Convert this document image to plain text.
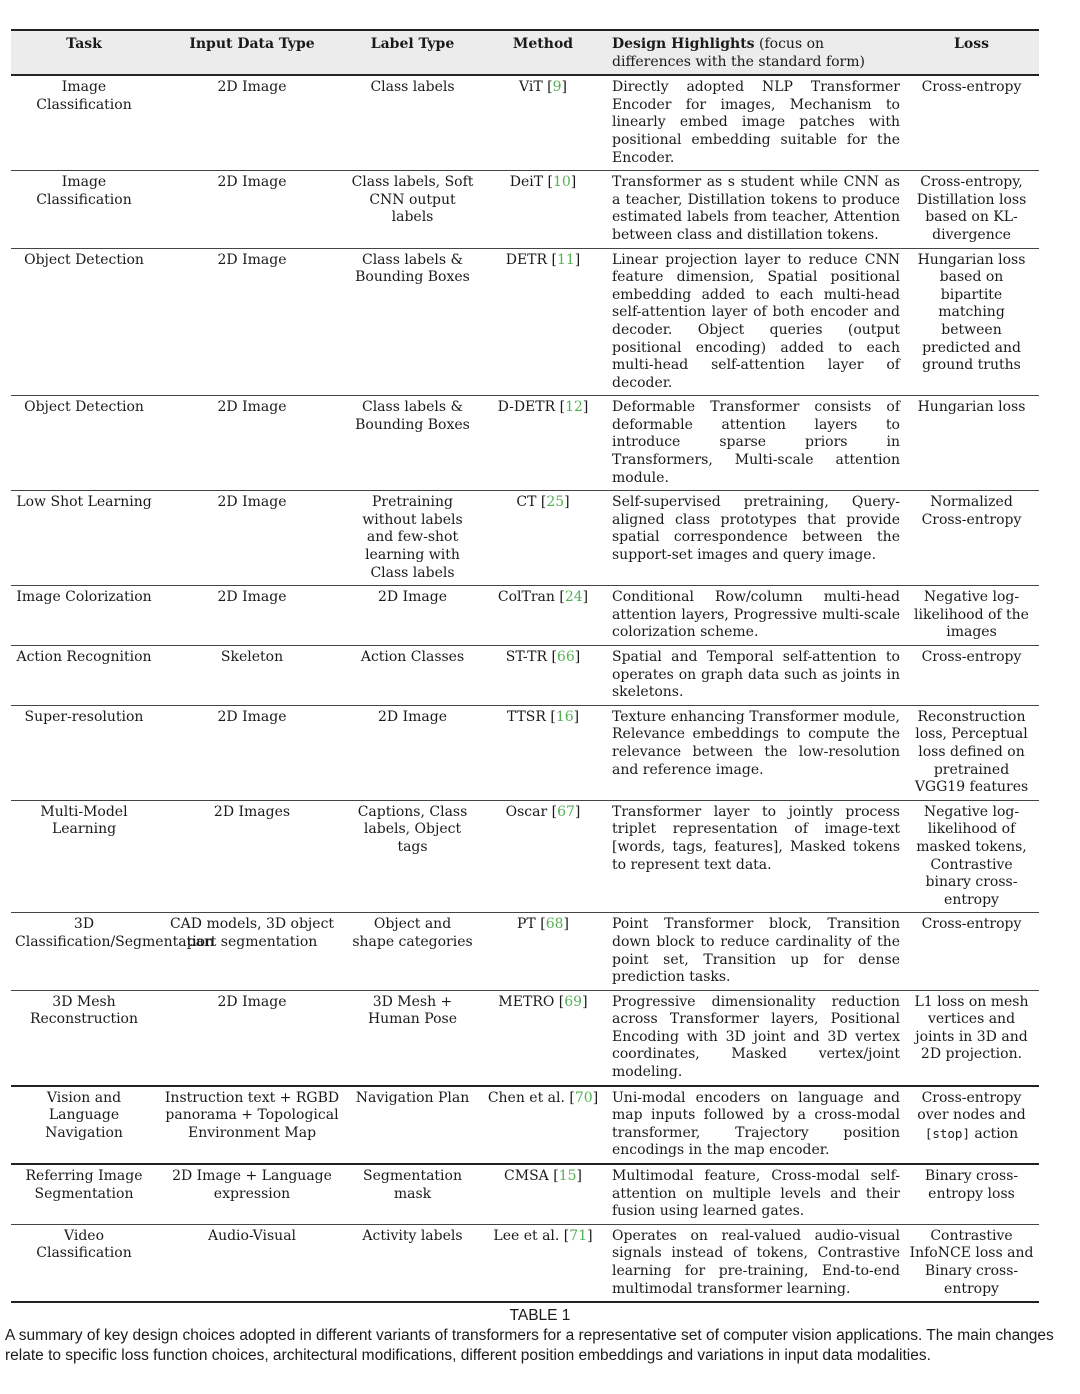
Task	Input Data Type	Label Type	Method	Design Highlights (focus on differences with the standard form)	Loss
Image Classification	2D Image	Class labels	ViT [9]	Directly adopted NLP Transformer Encoder for images, Mechanism to linearly embed image patches with positional embedding suitable for the Encoder.	Cross-entropy
Image Classification	2D Image	Class labels, Soft CNN output labels	DeiT [10]	Transformer as s student while CNN as a teacher, Distillation tokens to produce estimated labels from teacher, Attention between class and distillation tokens.	Cross-entropy, Distillation loss based on KL-divergence
Object Detection	2D Image	Class labels & Bounding Boxes	DETR [11]	Linear projection layer to reduce CNN feature dimension, Spatial positional embedding added to each multi-head self-attention layer of both encoder and decoder. Object queries (output positional encoding) added to each multi-head self-attention layer of decoder.	Hungarian loss based on bipartite matching between predicted and ground truths
Object Detection	2D Image	Class labels & Bounding Boxes	D-DETR [12]	Deformable Transformer consists of deformable attention layers to introduce sparse priors in Transformers, Multi-scale attention module.	Hungarian loss
Low Shot Learning	2D Image	Pretraining without labels and few-shot learning with Class labels	CT [25]	Self-supervised pretraining, Query-aligned class prototypes that provide spatial correspondence between the support-set images and query image.	Normalized Cross-entropy
Image Colorization	2D Image	2D Image	ColTran [24]	Conditional Row/column multi-head attention layers, Progressive multi-scale colorization scheme.	Negative log-likelihood of the images
Action Recognition	Skeleton	Action Classes	ST-TR [66]	Spatial and Temporal self-attention to operates on graph data such as joints in skeletons.	Cross-entropy
Super-resolution	2D Image	2D Image	TTSR [16]	Texture enhancing Transformer module, Relevance embeddings to compute the relevance between the low-resolution and reference image.	Reconstruction loss, Perceptual loss defined on pretrained VGG19 features
Multi-Model Learning	2D Images	Captions, Class labels, Object tags	Oscar [67]	Transformer layer to jointly process triplet representation of image-text [words, tags, features], Masked tokens to represent text data.	Negative log-likelihood of masked tokens, Contrastive binary cross-entropy
3D Classification/Segmentation	CAD models, 3D object part segmentation	Object and shape categories	PT [68]	Point Transformer block, Transition down block to reduce cardinality of the point set, Transition up for dense prediction tasks.	Cross-entropy
3D Mesh Reconstruction	2D Image	3D Mesh + Human Pose	METRO [69]	Progressive dimensionality reduction across Transformer layers, Positional Encoding with 3D joint and 3D vertex coordinates, Masked vertex/joint modeling.	L1 loss on mesh vertices and joints in 3D and 2D projection.
Vision and Language Navigation	Instruction text + RGBD panorama + Topological Environment Map	Navigation Plan	Chen et al. [70]	Uni-modal encoders on language and map inputs followed by a cross-modal transformer, Trajectory position encodings in the map encoder.	Cross-entropy over nodes and [stop] action
Referring Image Segmentation	2D Image + Language expression	Segmentation mask	CMSA [15]	Multimodal feature, Cross-modal self-attention on multiple levels and their fusion using learned gates.	Binary cross-entropy loss
Video Classification	Audio-Visual	Activity labels	Lee et al. [71]	Operates on real-valued audio-visual signals instead of tokens, Contrastive learning for pre-training, End-to-end multimodal transformer learning.	Contrastive InfoNCE loss and Binary cross-entropy
TABLE 1
A summary of key design choices adopted in different variants of transformers for a representative set of computer vision applications. The main changes relate to specific loss function choices, architectural modifications, different position embeddings and variations in input data modalities.
